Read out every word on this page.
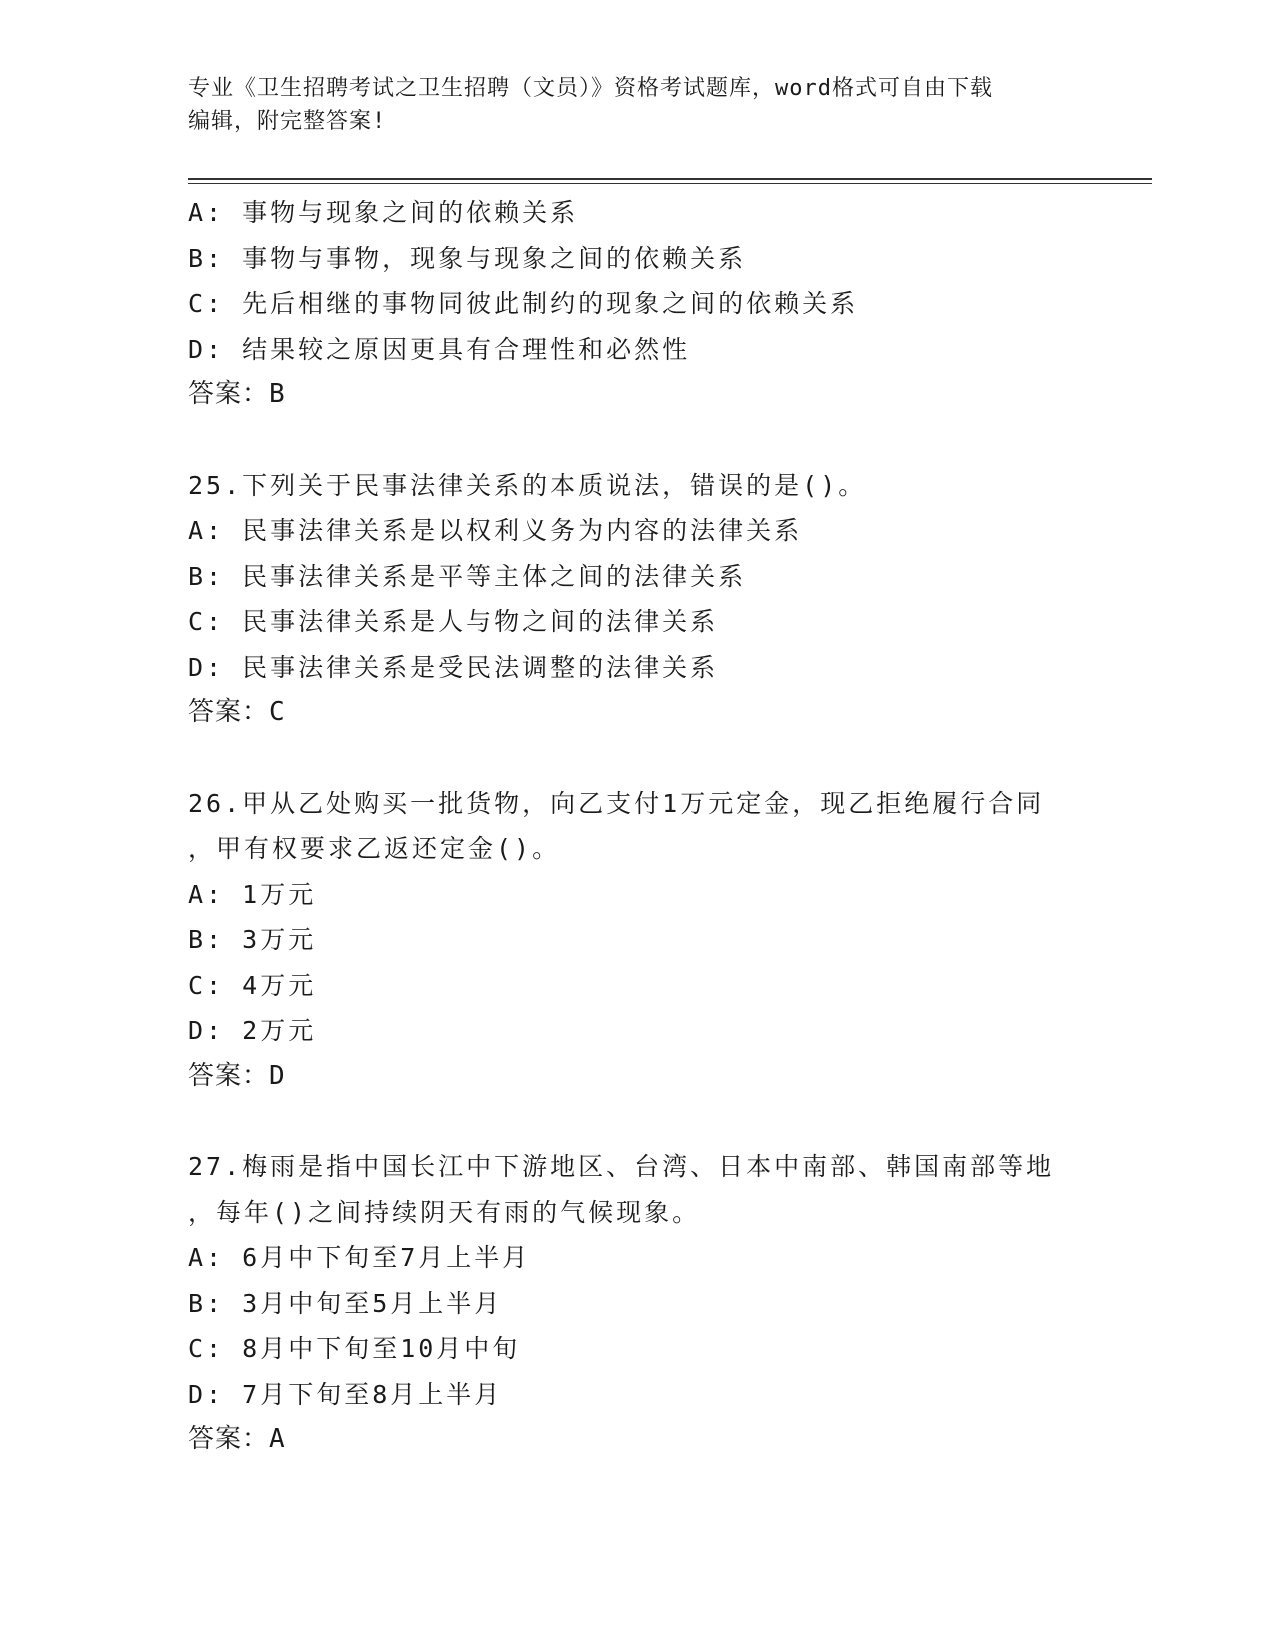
专业《卫生招聘考试之卫生招聘（文员）》资格考试题库，word格式可自由下载
编辑，附完整答案!
A: 事物与现象之间的依赖关系
B: 事物与事物，现象与现象之间的依赖关系
C: 先后相继的事物同彼此制约的现象之间的依赖关系
D: 结果较之原因更具有合理性和必然性
答案：B
25.下列关于民事法律关系的本质说法，错误的是()。
A: 民事法律关系是以权利义务为内容的法律关系
B: 民事法律关系是平等主体之间的法律关系
C: 民事法律关系是人与物之间的法律关系
D: 民事法律关系是受民法调整的法律关系
答案：C
26.甲从乙处购买一批货物，向乙支付1万元定金，现乙拒绝履行合同
，甲有权要求乙返还定金()。
A: 1万元
B: 3万元
C: 4万元
D: 2万元
答案：D
27.梅雨是指中国长江中下游地区、台湾、日本中南部、韩国南部等地
，每年()之间持续阴天有雨的气候现象。
A: 6月中下旬至7月上半月
B: 3月中旬至5月上半月
C: 8月中下旬至10月中旬
D: 7月下旬至8月上半月
答案：A
